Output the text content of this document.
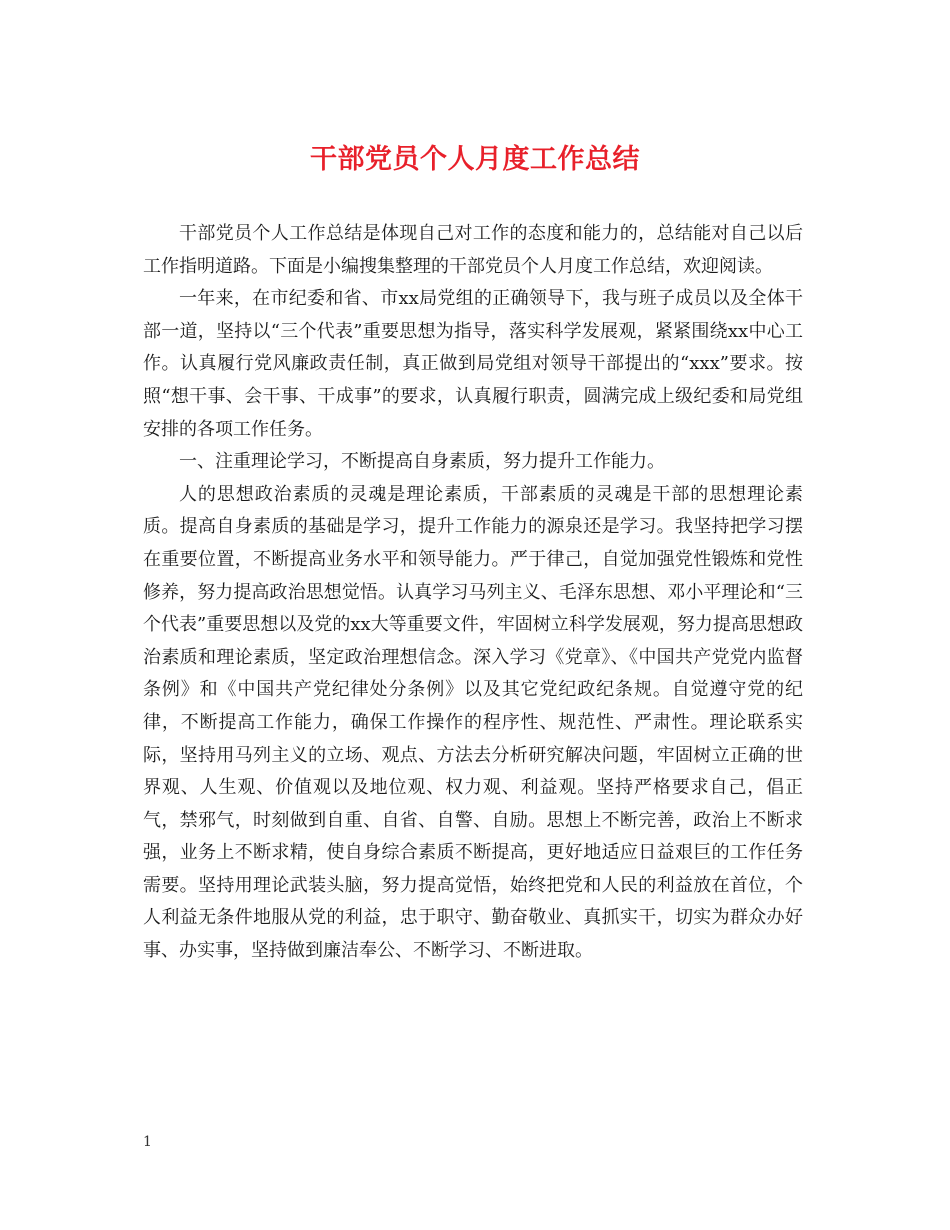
干部党员个人月度工作总结

干部党员个人工作总结是体现自己对工作的态度和能力的，总结能对自己以后工作指明道路。下面是小编搜集整理的干部党员个人月度工作总结，欢迎阅读。

一年来，在市纪委和省、市xx局党组的正确领导下，我与班子成员以及全体干部一道，坚持以“三个代表”重要思想为指导，落实科学发展观，紧紧围绕xx中心工作。认真履行党风廉政责任制，真正做到局党组对领导干部提出的“xxx”要求。按照“想干事、会干事、干成事”的要求，认真履行职责，圆满完成上级纪委和局党组安排的各项工作任务。

一、注重理论学习，不断提高自身素质，努力提升工作能力。

人的思想政治素质的灵魂是理论素质，干部素质的灵魂是干部的思想理论素质。提高自身素质的基础是学习，提升工作能力的源泉还是学习。我坚持把学习摆在重要位置，不断提高业务水平和领导能力。严于律己，自觉加强党性锻炼和党性修养，努力提高政治思想觉悟。认真学习马列主义、毛泽东思想、邓小平理论和“三个代表”重要思想以及党的xx大等重要文件，牢固树立科学发展观，努力提高思想政治素质和理论素质，坚定政治理想信念。深入学习《党章》、《中国共产党党内监督条例》和《中国共产党纪律处分条例》以及其它党纪政纪条规。自觉遵守党的纪律，不断提高工作能力，确保工作操作的程序性、规范性、严肃性。理论联系实际，坚持用马列主义的立场、观点、方法去分析研究解决问题，牢固树立正确的世界观、人生观、价值观以及地位观、权力观、利益观。坚持严格要求自己，倡正气，禁邪气，时刻做到自重、自省、自警、自励。思想上不断完善，政治上不断求强，业务上不断求精，使自身综合素质不断提高，更好地适应日益艰巨的工作任务需要。坚持用理论武装头脑，努力提高觉悟，始终把党和人民的利益放在首位，个人利益无条件地服从党的利益，忠于职守、勤奋敬业、真抓实干，切实为群众办好事、办实事，坚持做到廉洁奉公、不断学习、不断进取。

1
